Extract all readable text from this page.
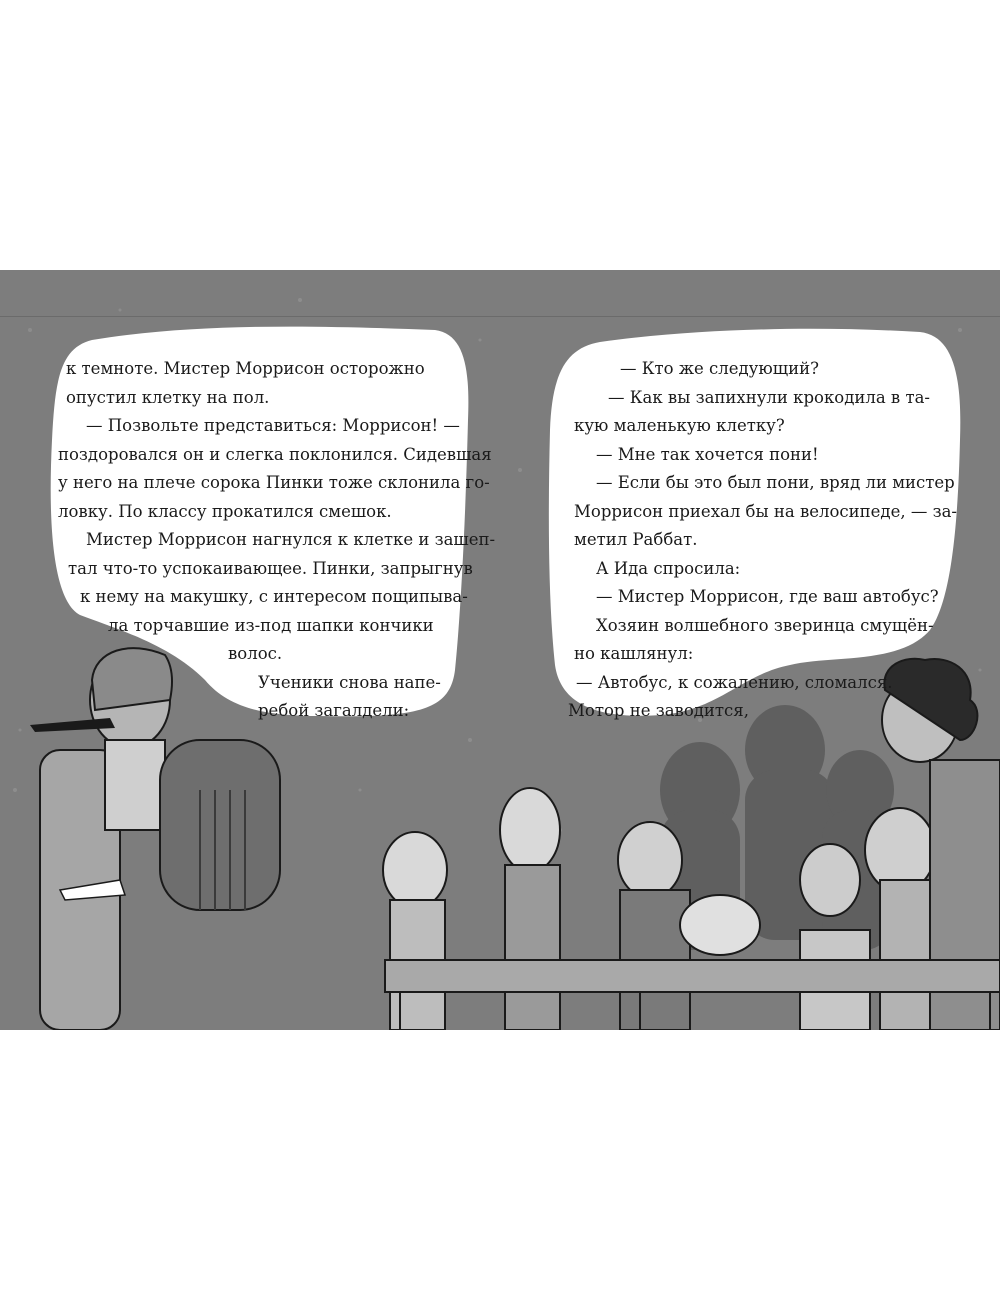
к темноте. Мистер Моррисон осторожно

опустил клетку на пол.

— Позвольте представиться: Моррисон! —

поздоровался он и слегка поклонился. Сидевшая

у него на плече сорока Пинки тоже склонила го-

ловку. По классу прокатился смешок.

Мистер Моррисон нагнулся к клетке и зашеп-

тал что-то успокаивающее. Пинки, запрыгнув

к нему на макушку, с интересом пощипыва-

ла торчавшие из-под шапки кончики

волос.

Ученики снова напе-

ребой загалдели:

— Кто же следующий?

— Как вы запихнули крокодила в та-

кую маленькую клетку?

— Мне так хочется пони!

— Если бы это был пони, вряд ли мистер

Моррисон приехал бы на велосипеде, — за-

метил Раббат.

А Ида спросила:

— Мистер Моррисон, где ваш автобус?

Хозяин волшебного зверинца смущён-

но кашлянул:

— Автобус, к сожалению, сломался.

Мотор не заводится,
